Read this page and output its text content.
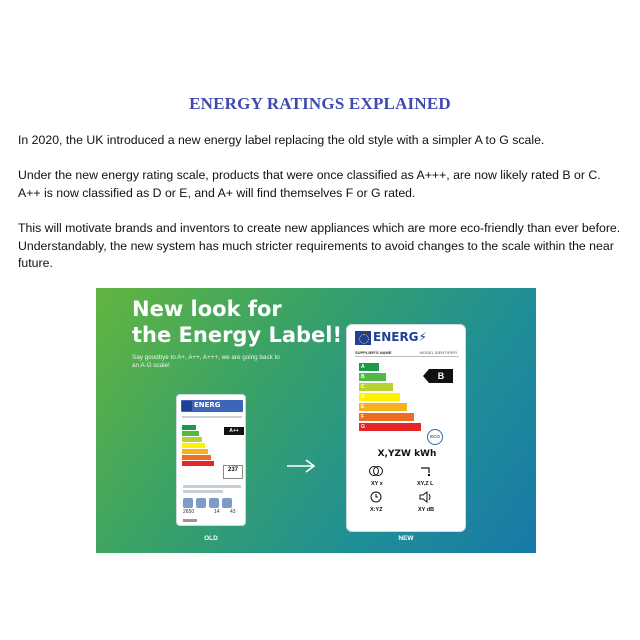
ENERGY RATINGS EXPLAINED

In 2020, the UK introduced a new energy label replacing the old style with a simpler A to G scale.

Under the new energy rating scale, products that were once classified as A+++, are now likely rated B or C. A++ is now classified as D or E, and A+ will find themselves F or G rated.

This will motivate brands and inventors to create new appliances which are more eco-friendly than ever before. Understandably, the new system has much stricter requirements to avoid changes to the scale within the near future.

New look for
the Energy Label!
Say goodbye to A+, A++, A+++, we are going back to an A-G scale!
ENERG
A++
237
2650	14 43
OLD
ENERG⚡
SUPPLIER'S NAME	MODEL IDENTIFIER
A
B
C
D
E
F
G
B
ECO
X,YZW kWh
XY x	XY,Z L
X:YZ	XY dB
NEW
